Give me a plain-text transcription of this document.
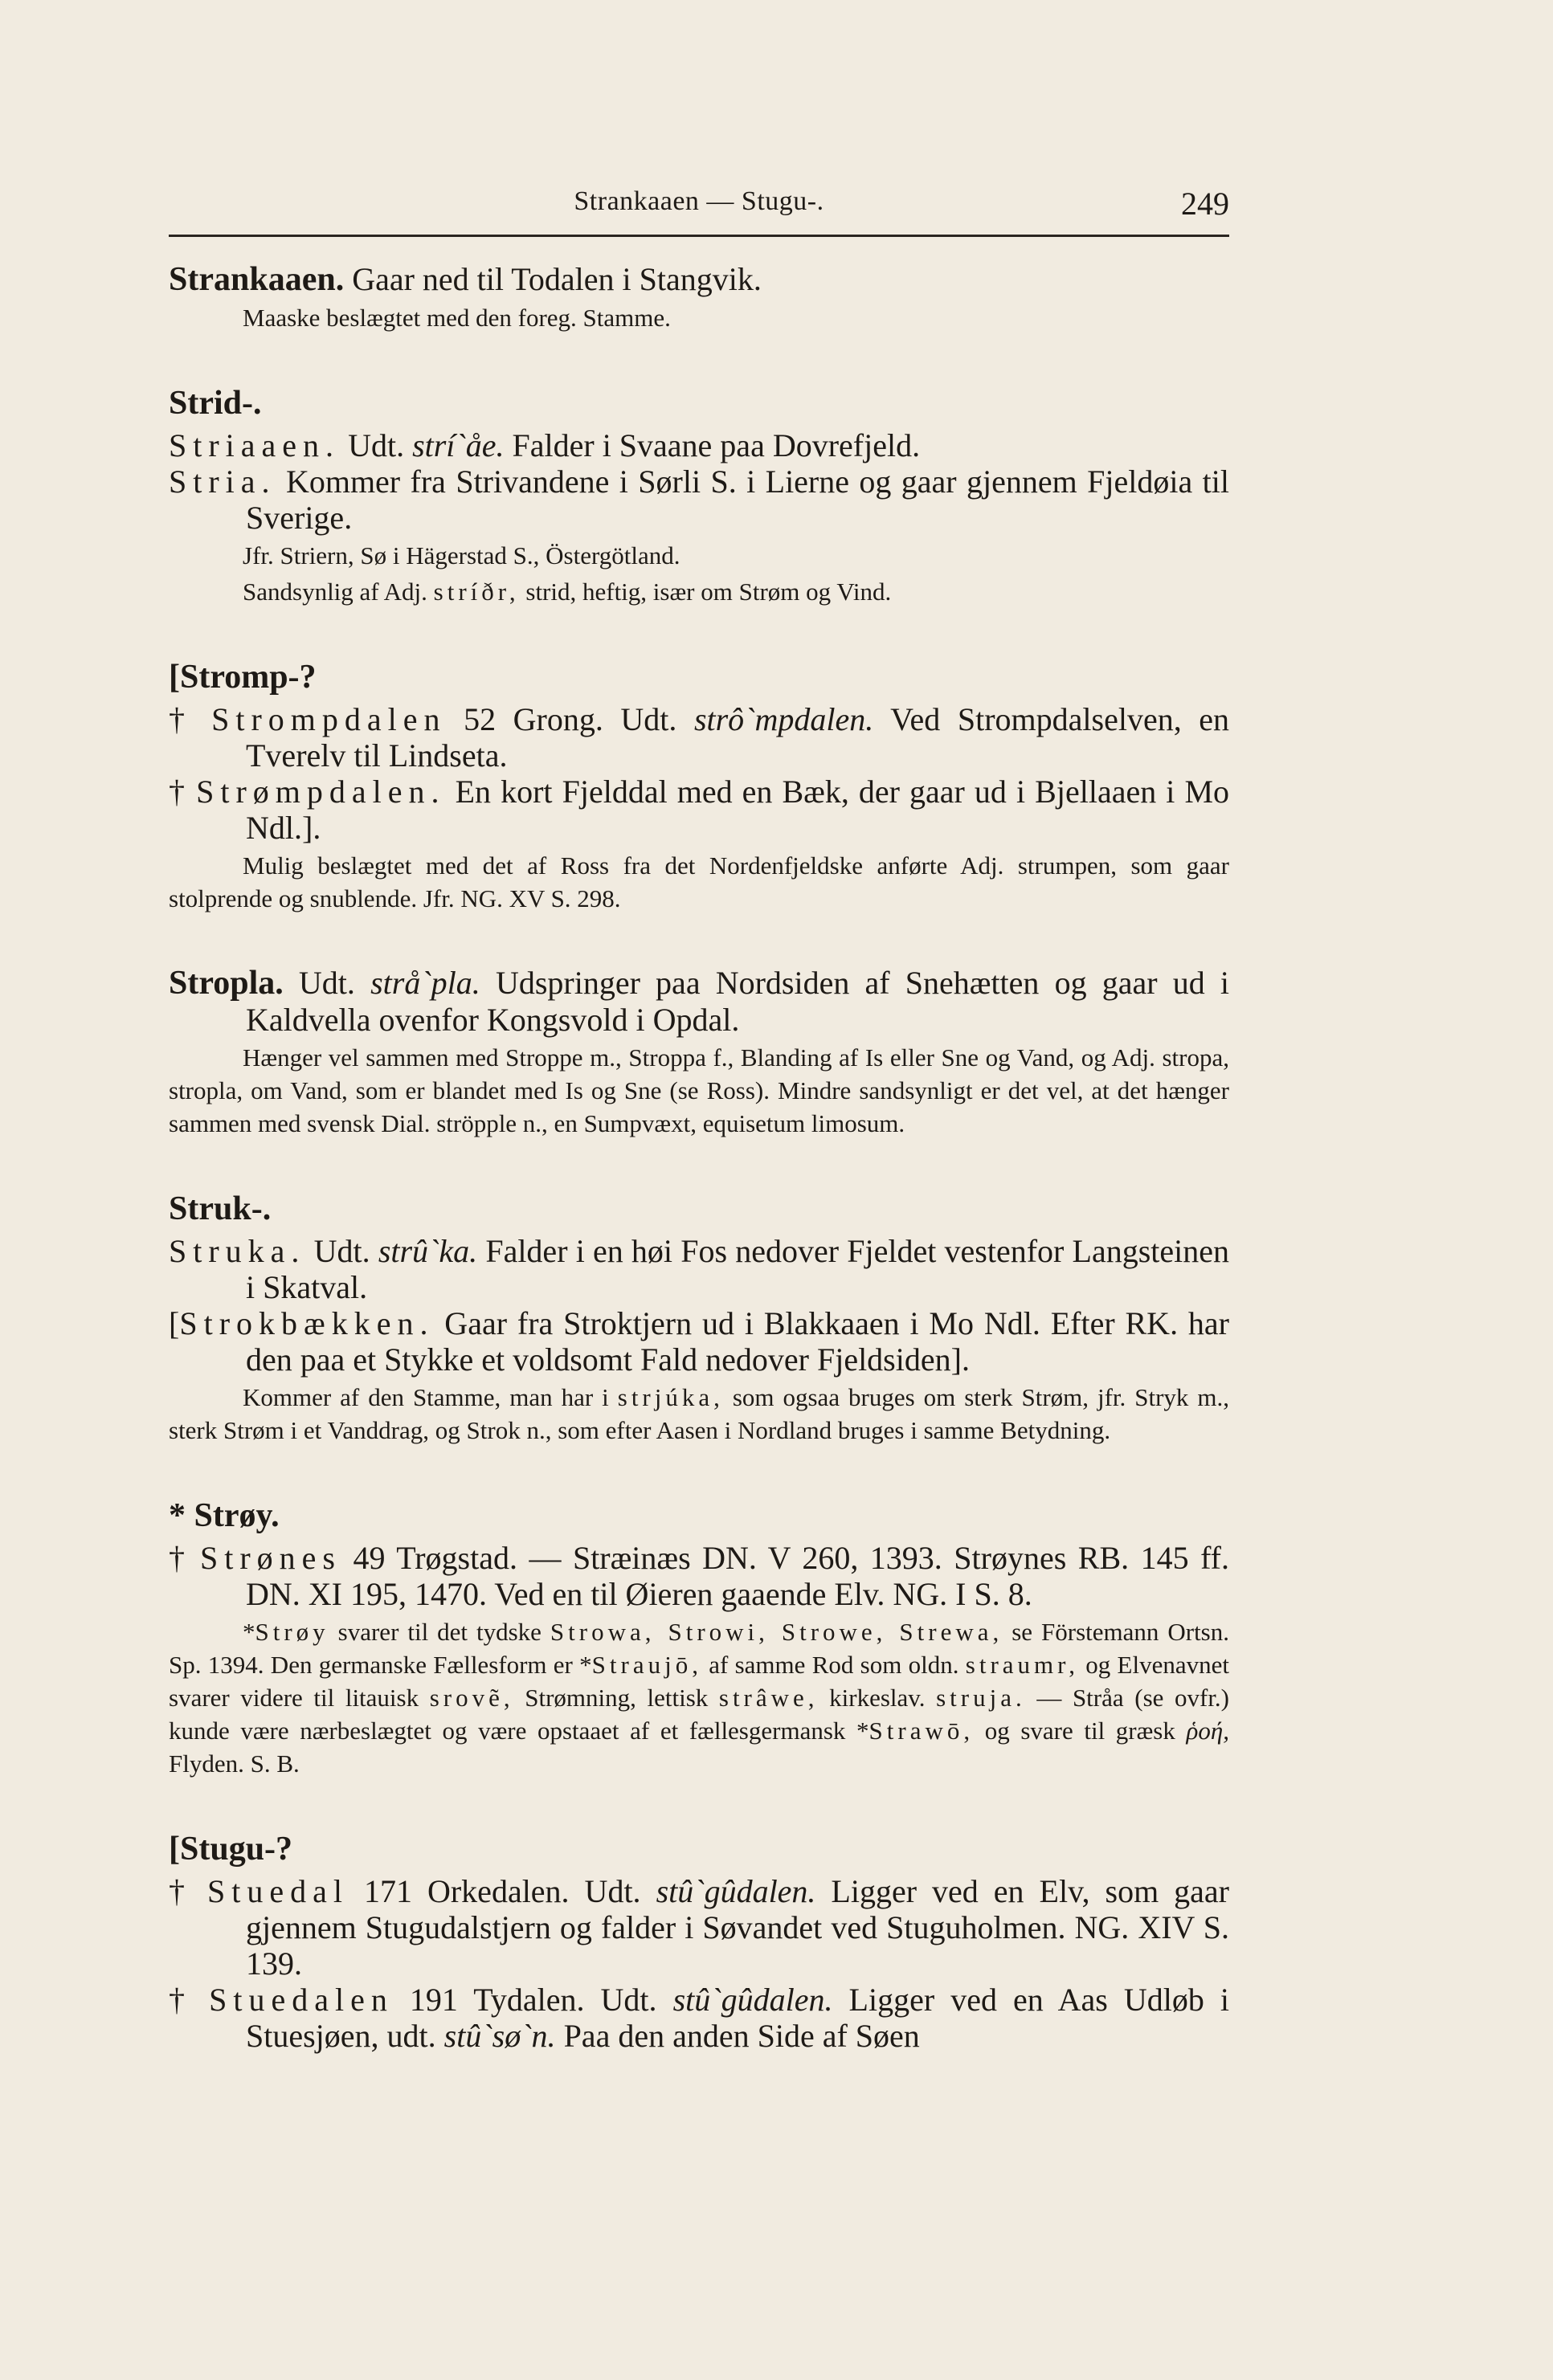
Strankaaen — Stugu-.	249
Strankaaen. Gaar ned til Todalen i Stangvik.
Maaske beslægtet med den foreg. Stamme.
Strid-.
Striaaen. Udt. strí`åe. Falder i Svaane paa Dovrefjeld.
Stria. Kommer fra Strivandene i Sørli S. i Lierne og gaar gjennem Fjeldøia til Sverige.
Jfr. Striern, Sø i Hägerstad S., Östergötland.
Sandsynlig af Adj. stríðr, strid, heftig, især om Strøm og Vind.
[Stromp-?
† Strompdalen 52 Grong. Udt. strô`mpdalen. Ved Strompdalselven, en Tverelv til Lindseta.
† Strømpdalen. En kort Fjelddal med en Bæk, der gaar ud i Bjellaaen i Mo Ndl.].
Mulig beslægtet med det af Ross fra det Nordenfjeldske anførte Adj. strumpen, som gaar stolprende og snublende. Jfr. NG. XV S. 298.
Stropla. Udt. strå`pla. Udspringer paa Nordsiden af Snehætten og gaar ud i Kaldvella ovenfor Kongsvold i Opdal.
Hænger vel sammen med Stroppe m., Stroppa f., Blanding af Is eller Sne og Vand, og Adj. stropa, stropla, om Vand, som er blandet med Is og Sne (se Ross). Mindre sandsynligt er det vel, at det hænger sammen med svensk Dial. ströpple n., en Sumpvæxt, equisetum limosum.
Struk-.
Struka. Udt. strû`ka. Falder i en høi Fos nedover Fjeldet vestenfor Langsteinen i Skatval.
[Strokbækken. Gaar fra Stroktjern ud i Blakkaaen i Mo Ndl. Efter RK. har den paa et Stykke et voldsomt Fald nedover Fjeldsiden].
Kommer af den Stamme, man har i strjúka, som ogsaa bruges om sterk Strøm, jfr. Stryk m., sterk Strøm i et Vanddrag, og Strok n., som efter Aasen i Nordland bruges i samme Betydning.
* Strøy.
† Strønes 49 Trøgstad. — Stræinæs DN. V 260, 1393. Strøynes RB. 145 ff. DN. XI 195, 1470. Ved en til Øieren gaaende Elv. NG. I S. 8.
*Strøy svarer til det tydske Strowa, Strowi, Strowe, Strewa, se Förstemann Ortsn. Sp. 1394. Den germanske Fællesform er *Straujō, af samme Rod som oldn. straumr, og Elvenavnet svarer videre til litauisk srovẽ, Strømning, lettisk strâwe, kirkeslav. struja. — Stråa (se ovfr.) kunde være nærbeslægtet og være opstaaet af et fællesgermansk *Strawō, og svare til græsk ῥοή, Flyden. S. B.
[Stugu-?
† Stuedal 171 Orkedalen. Udt. stû`gûdalen. Ligger ved en Elv, som gaar gjennem Stugudalstjern og falder i Søvandet ved Stuguholmen. NG. XIV S. 139.
† Stuedalen 191 Tydalen. Udt. stû`gûdalen. Ligger ved en Aas Udløb i Stuesjøen, udt. stû`sø`n. Paa den anden Side af Søen
